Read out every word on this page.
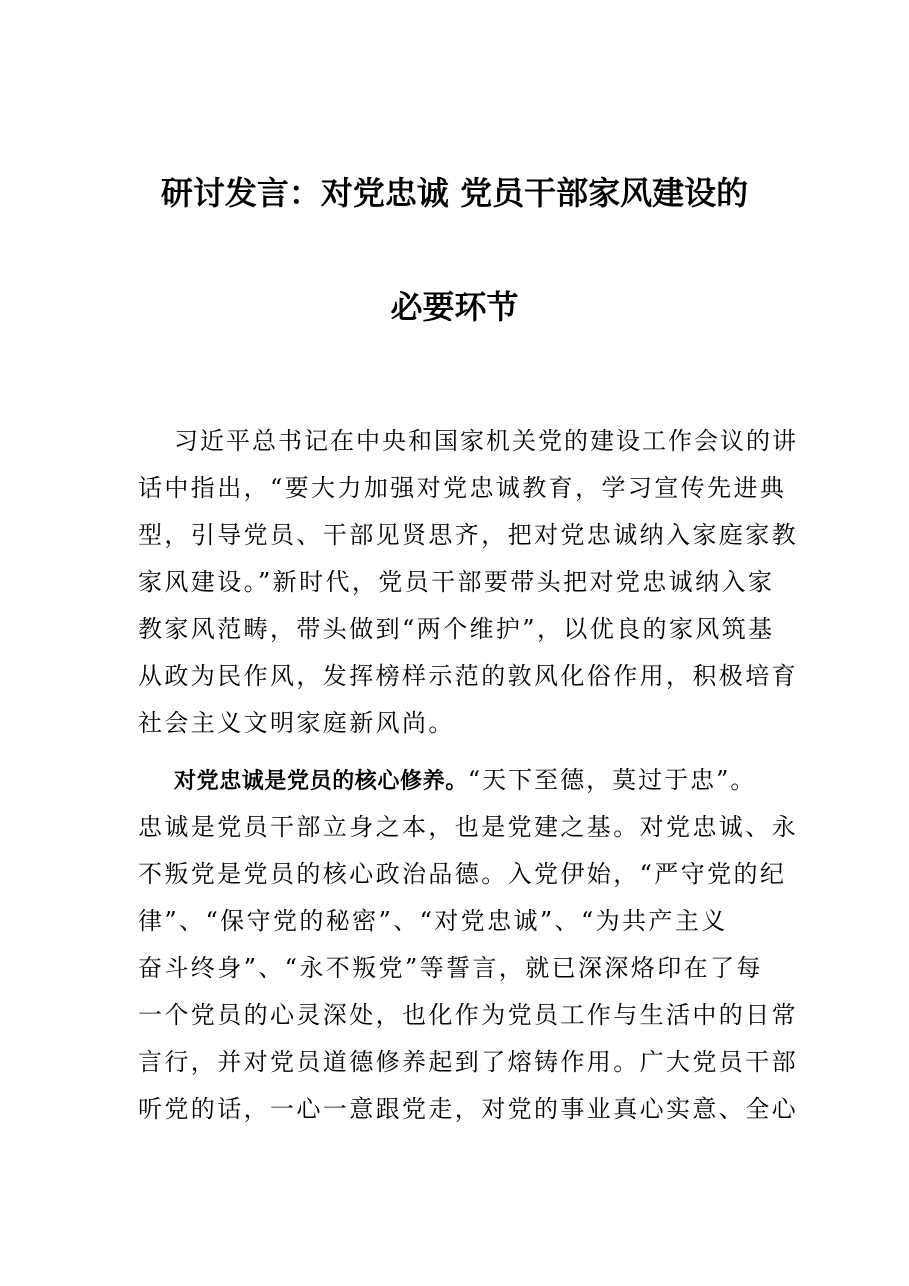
研讨发言：对党忠诚 党员干部家风建设的
必要环节
习近平总书记在中央和国家机关党的建设工作会议的讲
话中指出，“要大力加强对党忠诚教育，学习宣传先进典
型，引导党员、干部见贤思齐，把对党忠诚纳入家庭家教
家风建设。”新时代，党员干部要带头把对党忠诚纳入家
教家风范畴，带头做到“两个维护”，以优良的家风筑基
从政为民作风，发挥榜样示范的敦风化俗作用，积极培育
社会主义文明家庭新风尚。
对党忠诚是党员的核心修养。“天下至德，莫过于忠”。
忠诚是党员干部立身之本，也是党建之基。对党忠诚、永
不叛党是党员的核心政治品德。入党伊始，“严守党的纪
律”、“保守党的秘密”、“对党忠诚”、“为共产主义
奋斗终身”、“永不叛党”等誓言，就已深深烙印在了每
一个党员的心灵深处，也化作为党员工作与生活中的日常
言行，并对党员道德修养起到了熔铸作用。广大党员干部
听党的话，一心一意跟党走，对党的事业真心实意、全心
